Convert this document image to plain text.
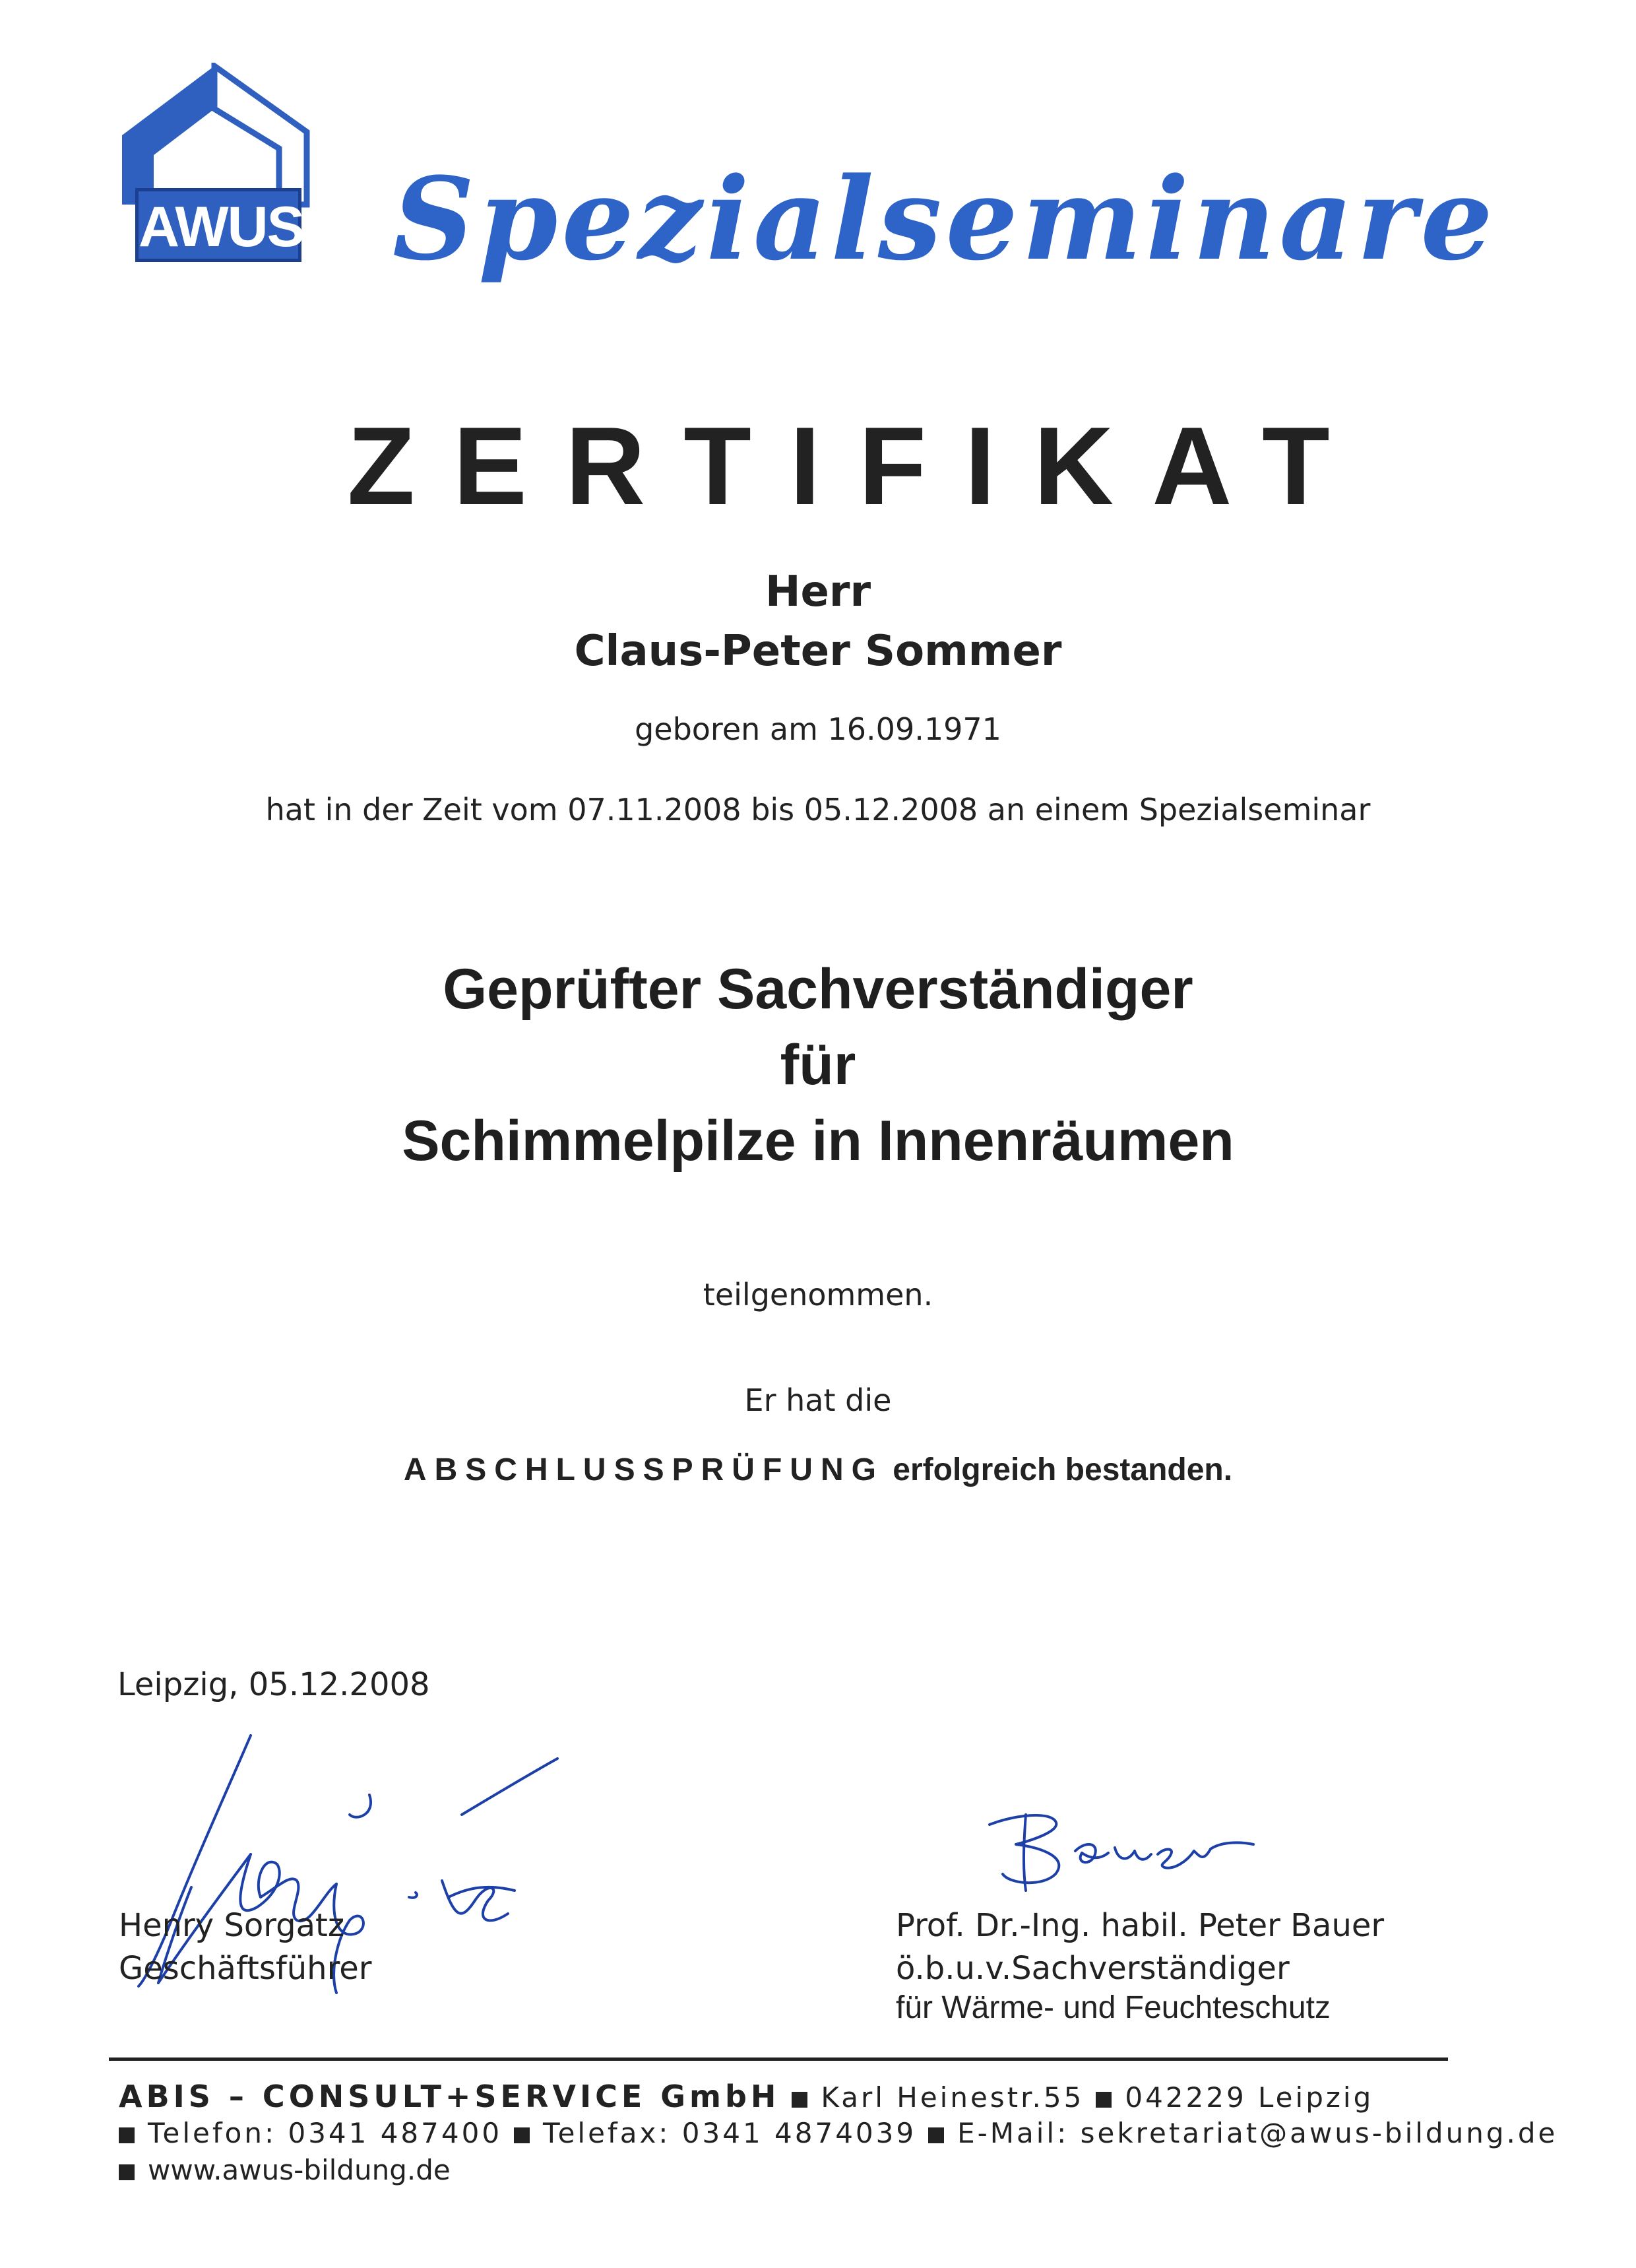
AWUS Spezialseminare
ZERTIFIKAT
Herr
Claus-Peter Sommer
geboren am 16.09.1971
hat in der Zeit vom 07.11.2008 bis 05.12.2008 an einem Spezialseminar
Geprüfter Sachverständiger
für
Schimmelpilze in Innenräumen
teilgenommen.
Er hat die
ABSCHLUSSPRÜFUNG erfolgreich bestanden.
Leipzig, 05.12.2008
Henry Sorgatz
Geschäftsführer
Prof. Dr.-Ing. habil. Peter Bauer
ö.b.u.v.Sachverständiger
für Wärme- und Feuchteschutz
ABIS – CONSULT+SERVICE GmbH Karl Heinestr.55 042229 Leipzig
Telefon: 0341 487400 Telefax: 0341 4874039 E-Mail: sekretariat@awus-bildung.de
www.awus-bildung.de
